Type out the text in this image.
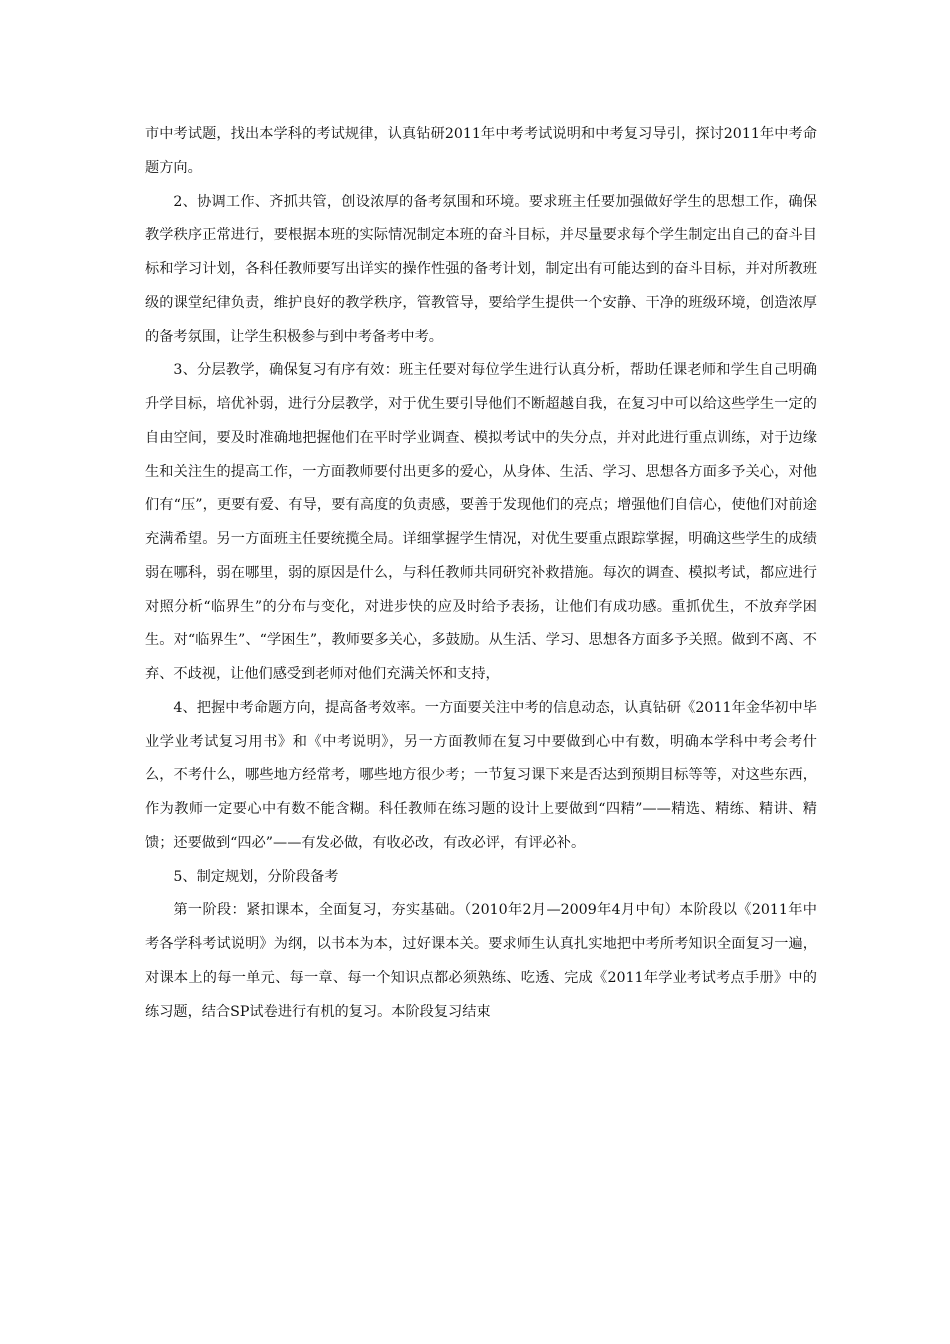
市中考试题，找出本学科的考试规律，认真钻研2011年中考考试说明和中考复习导引，探讨2011年中考命题方向。

2、协调工作、齐抓共管，创设浓厚的备考氛围和环境。要求班主任要加强做好学生的思想工作，确保教学秩序正常进行，要根据本班的实际情况制定本班的奋斗目标，并尽量要求每个学生制定出自己的奋斗目标和学习计划，各科任教师要写出详实的操作性强的备考计划，制定出有可能达到的奋斗目标，并对所教班级的课堂纪律负责，维护良好的教学秩序，管教管导，要给学生提供一个安静、干净的班级环境，创造浓厚的备考氛围，让学生积极参与到中考备考中考。

3、分层教学，确保复习有序有效：班主任要对每位学生进行认真分析，帮助任课老师和学生自己明确升学目标，培优补弱，进行分层教学，对于优生要引导他们不断超越自我，在复习中可以给这些学生一定的自由空间，要及时准确地把握他们在平时学业调查、模拟考试中的失分点，并对此进行重点训练，对于边缘生和关注生的提高工作，一方面教师要付出更多的爱心，从身体、生活、学习、思想各方面多予关心，对他们有“压”，更要有爱、有导，要有高度的负责感，要善于发现他们的亮点；增强他们自信心，使他们对前途充满希望。另一方面班主任要统揽全局。详细掌握学生情况，对优生要重点跟踪掌握，明确这些学生的成绩弱在哪科，弱在哪里，弱的原因是什么，与科任教师共同研究补救措施。每次的调查、模拟考试，都应进行对照分析“临界生”的分布与变化，对进步快的应及时给予表扬，让他们有成功感。重抓优生，不放弃学困生。对“临界生”、“学困生”，教师要多关心，多鼓励。从生活、学习、思想各方面多予关照。做到不离、不弃、不歧视，让他们感受到老师对他们充满关怀和支持，

4、把握中考命题方向，提高备考效率。一方面要关注中考的信息动态，认真钻研《2011年金华初中毕业学业考试复习用书》和《中考说明》，另一方面教师在复习中要做到心中有数，明确本学科中考会考什么，不考什么，哪些地方经常考，哪些地方很少考；一节复习课下来是否达到预期目标等等，对这些东西，作为教师一定要心中有数不能含糊。科任教师在练习题的设计上要做到“四精”——精选、精练、精讲、精馈；还要做到“四必”——有发必做，有收必改，有改必评，有评必补。

5、制定规划，分阶段备考

第一阶段：紧扣课本，全面复习，夯实基础。（2010年2月—2009年4月中旬）本阶段以《2011年中考各学科考试说明》为纲，以书本为本，过好课本关。要求师生认真扎实地把中考所考知识全面复习一遍，对课本上的每一单元、每一章、每一个知识点都必须熟练、吃透、完成《2011年学业考试考点手册》中的练习题，结合SP试卷进行有机的复习。本阶段复习结束
